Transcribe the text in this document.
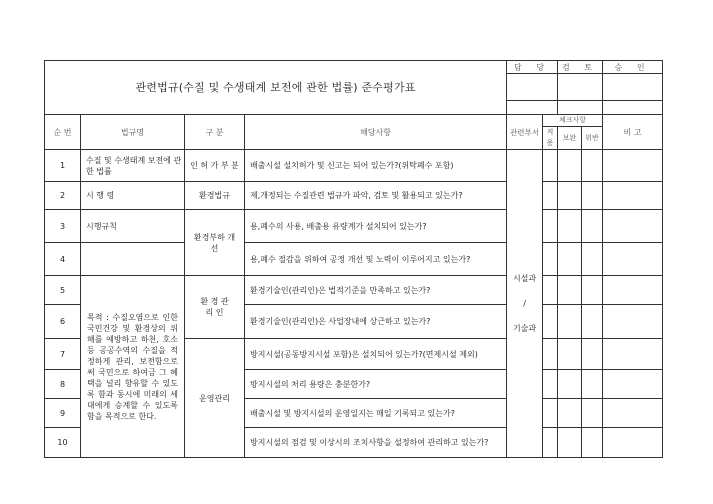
관련법규(수질 및 수생태계 보전에 관한 법률) 준수평가표				담 당		검 토		승 인

순 번	법규명	구 분	해당사항	관련부서	체크사항			비 고
					적용	보완	위반	
1	수질 및 수생태계 보전에 관한 법률	인 허 가 부 분	배출시설 설치허가 및 신고는 되어 있는가?(위탁폐수 포함)	시설과
/
기술과				

2	시 행 령	환경법규	제,개정되는 수질관련 법규가 파악, 검토 및 활용되고 있는가?					
3	시행규칙	환경부하 개 선	용,폐수의 사용, 배출용 유량계가 설치되어 있는가?					
4			용,폐수 절감을 위하여 공정 개선 및 노력이 이루어지고 있는가?					
5	목적 : 수질오염으로 인한 국민건강 및 환경상의 위해를 예방하고 하천, 호소 등 공공수역의 수질을 적정하게 관리, 보전함으로써 국민으로 하여금 그 혜택을 널리 향유할 수 있도록 함과 동시에 미래의 세대에게 승계할 수 있도록 함을 목적으로 한다.	환 경 관 리 인	환경기술인(관리인)은 법적기준을 만족하고 있는가?					
6			환경기술인(관리인)은 사업장내에 상근하고 있는가?					
7		운영관리	방지시설(공동방지시설 포함)은 설치되어 있는가?(면제시설 제외)					
8			방지시설의 처리 용량은 충분한가?					
9			배출시설 및 방지시설의 운영일지는 매일 기록되고 있는가?					
10			방지시설의 점검 및 이상시의 조치사항을 설정하여 관리하고 있는가?					
